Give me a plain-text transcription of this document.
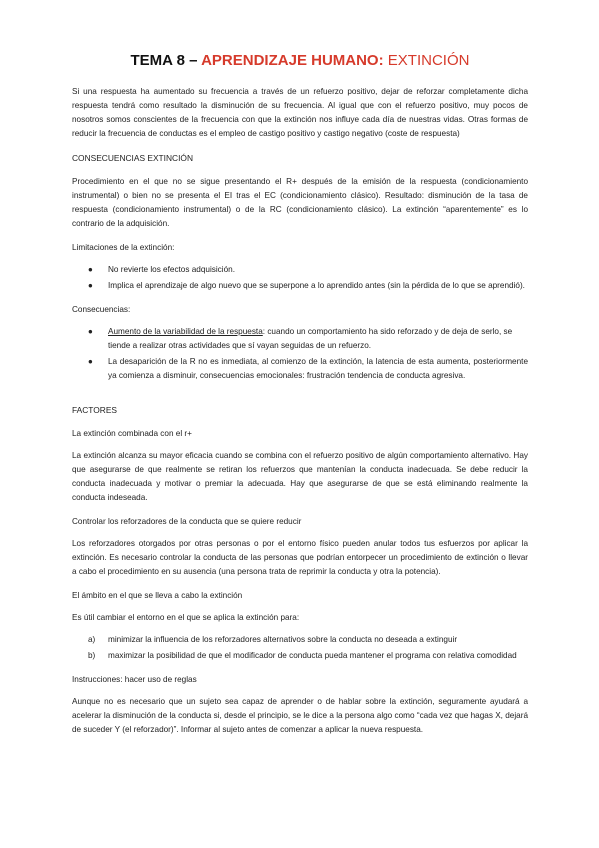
TEMA 8 – APRENDIZAJE HUMANO: EXTINCIÓN

Si una respuesta ha aumentado su frecuencia a través de un refuerzo positivo, dejar de reforzar completamente dicha respuesta tendrá como resultado la disminución de su frecuencia. Al igual que con el refuerzo positivo, muy pocos de nosotros somos conscientes de la frecuencia con que la extinción nos influye cada día de nuestras vidas. Otras formas de reducir la frecuencia de conductas es el empleo de castigo positivo y castigo negativo (coste de respuesta)

CONSECUENCIAS EXTINCIÓN

Procedimiento en el que no se sigue presentando el R+ después de la emisión de la respuesta (condicionamiento instrumental) o bien no se presenta el EI tras el EC (condicionamiento clásico). Resultado: disminución de la tasa de respuesta (condicionamiento instrumental) o de la RC (condicionamiento clásico). La extinción “aparentemente” es lo contrario de la adquisición.

Limitaciones de la extinción:

● No revierte los efectos adquisición.
● Implica el aprendizaje de algo nuevo que se superpone a lo aprendido antes (sin la pérdida de lo que se aprendió).

Consecuencias:

● Aumento de la variabilidad de la respuesta: cuando un comportamiento ha sido reforzado y de deja de serlo, se tiende a realizar otras actividades que sí vayan seguidas de un refuerzo.
● La desaparición de la R no es inmediata, al comienzo de la extinción, la latencia de esta aumenta, posteriormente ya comienza a disminuir, consecuencias emocionales: frustración tendencia de conducta agresiva.

FACTORES

La extinción combinada con el r+

La extinción alcanza su mayor eficacia cuando se combina con el refuerzo positivo de algún comportamiento alternativo. Hay que asegurarse de que realmente se retiran los refuerzos que mantenían la conducta inadecuada. Se debe reducir la conducta inadecuada y motivar o premiar la adecuada. Hay que asegurarse de que se está eliminando realmente la conducta indeseada.

Controlar los reforzadores de la conducta que se quiere reducir

Los reforzadores otorgados por otras personas o por el entorno físico pueden anular todos tus esfuerzos por aplicar la extinción. Es necesario controlar la conducta de las personas que podrían entorpecer un procedimiento de extinción o llevar a cabo el procedimiento en su ausencia (una persona trata de reprimir la conducta y otra la potencia).

El ámbito en el que se lleva a cabo la extinción

Es útil cambiar el entorno en el que se aplica la extinción para:

a) minimizar la influencia de los reforzadores alternativos sobre la conducta no deseada a extinguir
b) maximizar la posibilidad de que el modificador de conducta pueda mantener el programa con relativa comodidad

Instrucciones: hacer uso de reglas

Aunque no es necesario que un sujeto sea capaz de aprender o de hablar sobre la extinción, seguramente ayudará a acelerar la disminución de la conducta si, desde el principio, se le dice a la persona algo como “cada vez que hagas X, dejará de suceder Y (el reforzador)”. Informar al sujeto antes de comenzar a aplicar la nueva respuesta.
